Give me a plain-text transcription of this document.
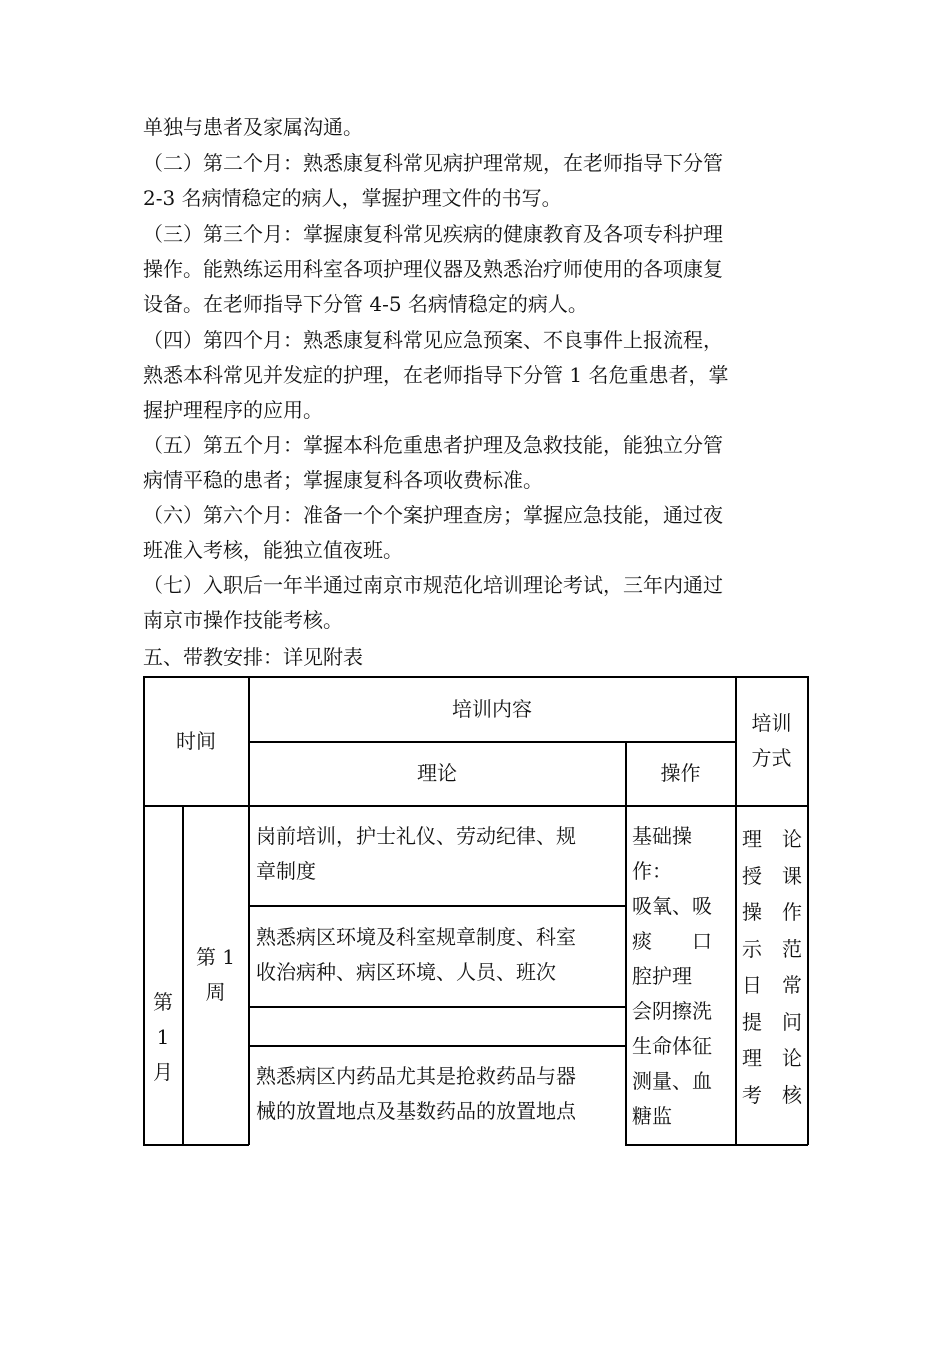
单独与患者及家属沟通。
（二）第二个月：熟悉康复科常见病护理常规，在老师指导下分管
2-3 名病情稳定的病人，掌握护理文件的书写。
（三）第三个月：掌握康复科常见疾病的健康教育及各项专科护理
操作。能熟练运用科室各项护理仪器及熟悉治疗师使用的各项康复
设备。在老师指导下分管 4-5 名病情稳定的病人。
（四）第四个月：熟悉康复科常见应急预案、不良事件上报流程，
熟悉本科常见并发症的护理，在老师指导下分管 1 名危重患者，掌
握护理程序的应用。
（五）第五个月：掌握本科危重患者护理及急救技能，能独立分管
病情平稳的患者；掌握康复科各项收费标准。
（六）第六个月：准备一个个案护理查房；掌握应急技能，通过夜
班准入考核，能独立值夜班。
（七）入职后一年半通过南京市规范化培训理论考试，三年内通过
南京市操作技能考核。
五、带教安排：详见附表
时间
培训内容
培训
方式
理论	操作
第
1
月
第 1
周
岗前培训，护士礼仪、劳动纪律、规
章制度
熟悉病区环境及科室规章制度、科室
收治病种、病区环境、人员、班次
熟悉病区内药品尤其是抢救药品与器
械的放置地点及基数药品的放置地点
基础操
作：
吸氧、吸
痰　　口
腔护理
会阴擦洗
生命体征
测量、血
糖监
理　论
授　课
操　作
示　范
日　常
提　问
理　论
考　核
